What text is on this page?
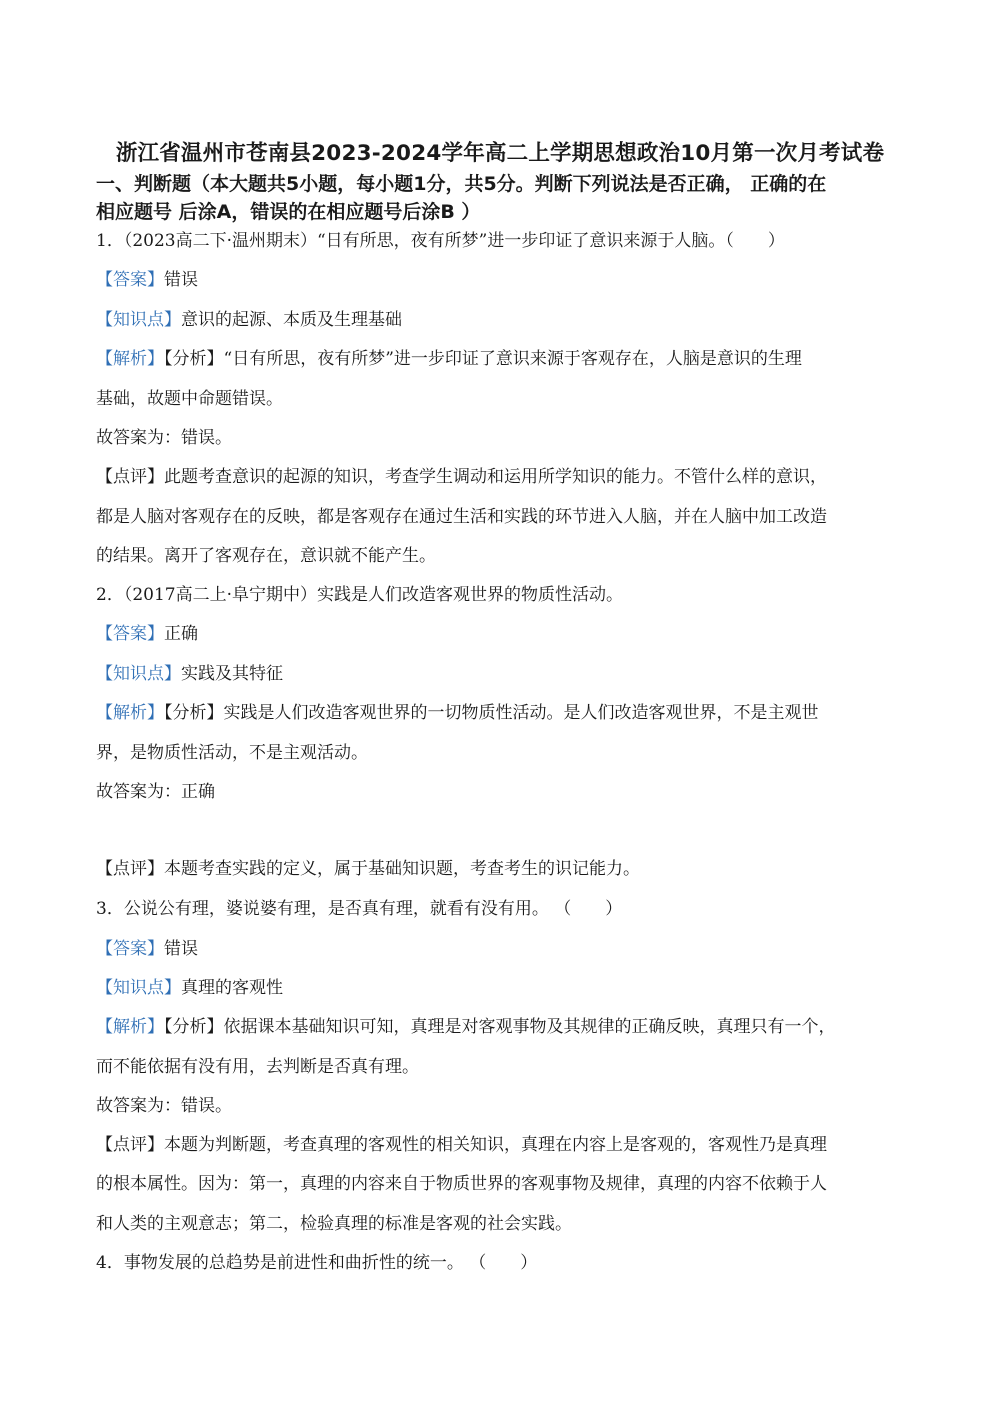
浙江省温州市苍南县2023-2024学年高二上学期思想政治10月第一次月考试卷
一、判断题（本大题共5小题，每小题1分，共5分。判断下列说法是否正确， 正确的在
相应题号 后涂A，错误的在相应题号后涂B ）
1．（2023高二下·温州期末）“日有所思，夜有所梦”进一步印证了意识来源于人脑。（　　）
【答案】错误
【知识点】意识的起源、本质及生理基础
【解析】【分析】“日有所思，夜有所梦”进一步印证了意识来源于客观存在，人脑是意识的生理
基础，故题中命题错误。
故答案为：错误。
【点评】此题考查意识的起源的知识，考查学生调动和运用所学知识的能力。不管什么样的意识，
都是人脑对客观存在的反映，都是客观存在通过生活和实践的环节进入人脑，并在人脑中加工改造
的结果。离开了客观存在，意识就不能产生。
2．（2017高二上·阜宁期中）实践是人们改造客观世界的物质性活动。
【答案】正确
【知识点】实践及其特征
【解析】【分析】实践是人们改造客观世界的一切物质性活动。是人们改造客观世界，不是主观世
界，是物质性活动，不是主观活动。
故答案为：正确
【点评】本题考查实践的定义，属于基础知识题，考查考生的识记能力。
3．公说公有理，婆说婆有理，是否真有理，就看有没有用。 （　　）
【答案】错误
【知识点】真理的客观性
【解析】【分析】依据课本基础知识可知，真理是对客观事物及其规律的正确反映，真理只有一个，
而不能依据有没有用，去判断是否真有理。
故答案为：错误。
【点评】本题为判断题，考查真理的客观性的相关知识，真理在内容上是客观的，客观性乃是真理
的根本属性。因为：第一，真理的内容来自于物质世界的客观事物及规律，真理的内容不依赖于人
和人类的主观意志；第二，检验真理的标准是客观的社会实践。
4．事物发展的总趋势是前进性和曲折性的统一。 （　　）
